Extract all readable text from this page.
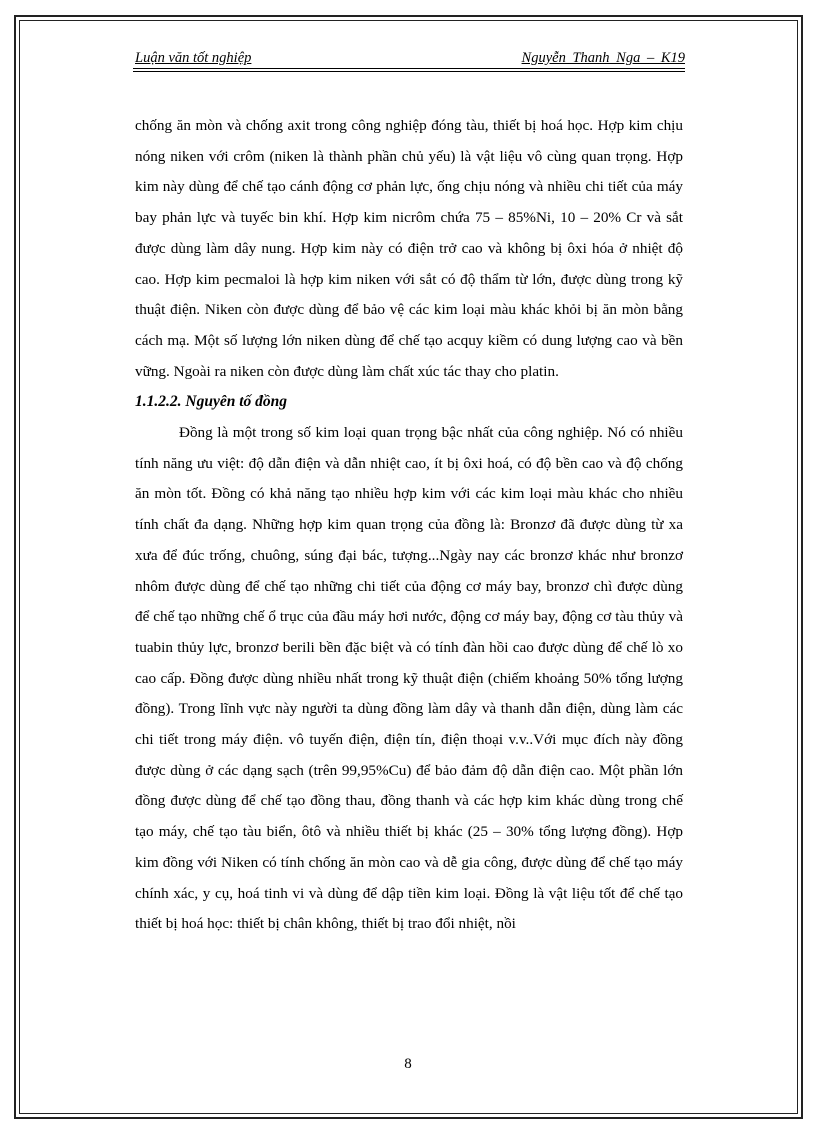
Luận văn tốt nghiệp	Nguyễn Thanh Nga – K19

chống ăn mòn và chống axit trong công nghiệp đóng tàu, thiết bị hoá học. Hợp kim chịu nóng niken với crôm (niken là thành phần chủ yếu) là vật liệu vô cùng quan trọng. Hợp kim này dùng để chế tạo cánh động cơ phản lực, ống chịu nóng và nhiều chi tiết của máy bay phản lực và tuyếc bin khí. Hợp kim nicrôm chứa 75 – 85%Ni, 10 – 20% Cr và sắt được dùng làm dây nung. Hợp kim này có điện trở cao và không bị ôxi hóa ở nhiệt độ cao. Hợp kim pecmaloi là hợp kim niken với sắt có độ thẩm từ lớn, được dùng trong kỹ thuật điện. Niken còn được dùng để bảo vệ các kim loại màu khác khỏi bị ăn mòn bằng cách mạ. Một số lượng lớn niken dùng để chế tạo acquy kiềm có dung lượng cao và bền vững. Ngoài ra niken còn được dùng làm chất xúc tác thay cho platin.

1.1.2.2. Nguyên tố đồng

Đồng là một trong số kim loại quan trọng bậc nhất của công nghiệp. Nó có nhiều tính năng ưu việt: độ dẫn điện và dẫn nhiệt cao, ít bị ôxi hoá, có độ bền cao và độ chống ăn mòn tốt. Đồng có khả năng tạo nhiều hợp kim với các kim loại màu khác cho nhiều tính chất đa dạng. Những hợp kim quan trọng của đồng là: Bronzơ đã được dùng từ xa xưa để đúc trống, chuông, súng đại bác, tượng...Ngày nay các bronzơ khác như bronzơ nhôm được dùng để chế tạo những chi tiết của động cơ máy bay, bronzơ chì được dùng để chế tạo những chế ổ trục của đầu máy hơi nước, động cơ máy bay, động cơ tàu thủy và tuabin thủy lực, bronzơ berili bền đặc biệt và có tính đàn hồi cao được dùng để chế lò xo cao cấp. Đồng được dùng nhiều nhất trong kỹ thuật điện (chiếm khoảng 50% tổng lượng đồng). Trong lĩnh vực này người ta dùng đồng làm dây và thanh dẫn điện, dùng làm các chi tiết trong máy điện. vô tuyến điện, điện tín, điện thoại v.v..Với mục đích này đồng được dùng ở các dạng sạch (trên 99,95%Cu) để bảo đảm độ dẫn điện cao. Một phần lớn đồng được dùng để chế tạo đồng thau, đồng thanh và các hợp kim khác dùng trong chế tạo máy, chế tạo tàu biển, ôtô và nhiều thiết bị khác (25 – 30% tổng lượng đồng). Hợp kim đồng với Niken có tính chống ăn mòn cao và dễ gia công, được dùng để chế tạo máy chính xác, y cụ, hoá tinh vi và dùng để dập tiền kim loại. Đồng là vật liệu tốt để chế tạo thiết bị hoá học: thiết bị chân không, thiết bị trao đổi nhiệt, nồi

8
